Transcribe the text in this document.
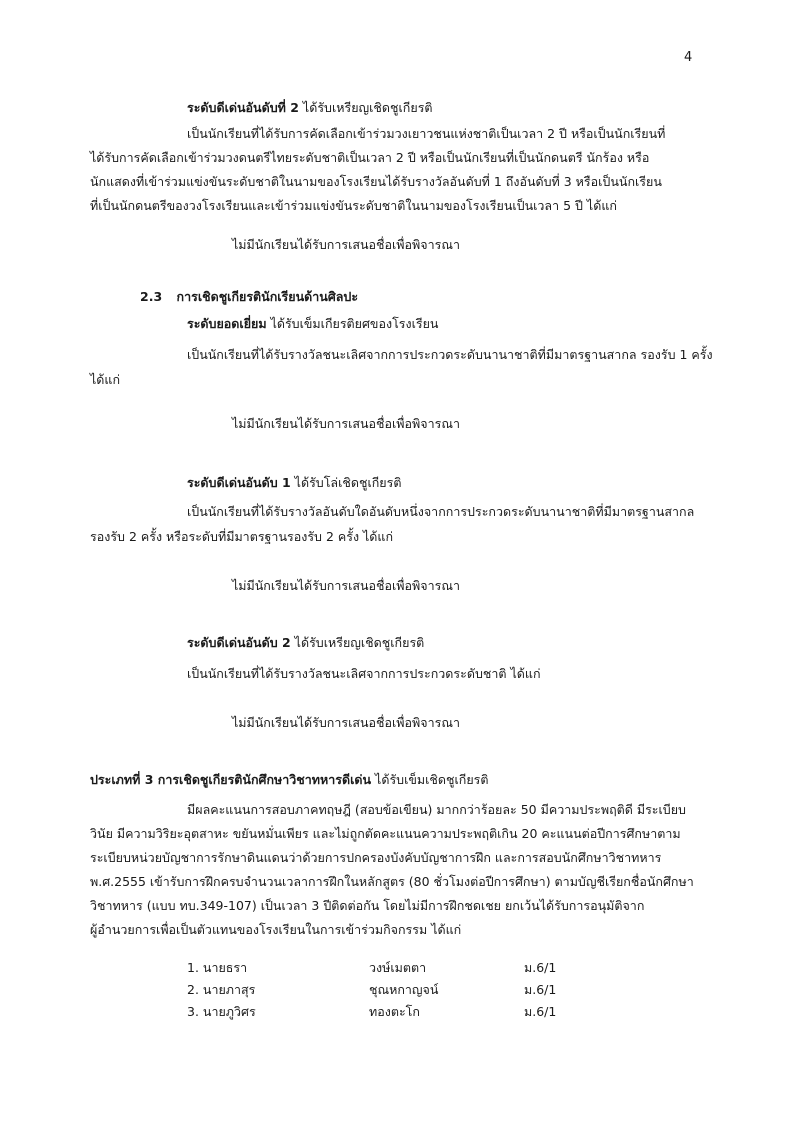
4
ระดับดีเด่นอันดับที่ 2 ได้รับเหรียญเชิดชูเกียรติ
เป็นนักเรียนที่ได้รับการคัดเลือกเข้าร่วมวงเยาวชนแห่งชาติเป็นเวลา 2 ปี หรือเป็นนักเรียนที่
ได้รับการคัดเลือกเข้าร่วมวงดนตรีไทยระดับชาติเป็นเวลา 2 ปี หรือเป็นนักเรียนที่เป็นนักดนตรี นักร้อง หรือ
นักแสดงที่เข้าร่วมแข่งขันระดับชาติในนามของโรงเรียนได้รับรางวัลอันดับที่ 1 ถึงอันดับที่ 3 หรือเป็นนักเรียน
ที่เป็นนักดนตรีของวงโรงเรียนและเข้าร่วมแข่งขันระดับชาติในนามของโรงเรียนเป็นเวลา 5 ปี ได้แก่
ไม่มีนักเรียนได้รับการเสนอชื่อเพื่อพิจารณา
2.3 การเชิดชูเกียรตินักเรียนด้านศิลปะ
ระดับยอดเยี่ยม ได้รับเข็มเกียรติยศของโรงเรียน
เป็นนักเรียนที่ได้รับรางวัลชนะเลิศจากการประกวดระดับนานาชาติที่มีมาตรฐานสากล รองรับ 1 ครั้ง
ได้แก่
ไม่มีนักเรียนได้รับการเสนอชื่อเพื่อพิจารณา
ระดับดีเด่นอันดับ 1 ได้รับโล่เชิดชูเกียรติ
เป็นนักเรียนที่ได้รับรางวัลอันดับใดอันดับหนึ่งจากการประกวดระดับนานาชาติที่มีมาตรฐานสากล
รองรับ 2 ครั้ง หรือระดับที่มีมาตรฐานรองรับ 2 ครั้ง ได้แก่
ไม่มีนักเรียนได้รับการเสนอชื่อเพื่อพิจารณา
ระดับดีเด่นอันดับ 2 ได้รับเหรียญเชิดชูเกียรติ
เป็นนักเรียนที่ได้รับรางวัลชนะเลิศจากการประกวดระดับชาติ ได้แก่
ไม่มีนักเรียนได้รับการเสนอชื่อเพื่อพิจารณา
ประเภทที่ 3 การเชิดชูเกียรตินักศึกษาวิชาทหารดีเด่น ได้รับเข็มเชิดชูเกียรติ
มีผลคะแนนการสอบภาคทฤษฎี (สอบข้อเขียน) มากกว่าร้อยละ 50 มีความประพฤติดี มีระเบียบ
วินัย มีความวิริยะอุตสาหะ ขยันหมั่นเพียร และไม่ถูกตัดคะแนนความประพฤติเกิน 20 คะแนนต่อปีการศึกษาตาม
ระเบียบหน่วยบัญชาการรักษาดินแดนว่าด้วยการปกครองบังคับบัญชาการฝึก และการสอบนักศึกษาวิชาทหาร
พ.ศ.2555 เข้ารับการฝึกครบจำนวนเวลาการฝึกในหลักสูตร (80 ชั่วโมงต่อปีการศึกษา) ตามบัญชีเรียกชื่อนักศึกษา
วิชาทหาร (แบบ ทบ.349-107) เป็นเวลา 3 ปีติดต่อกัน โดยไม่มีการฝึกชดเชย ยกเว้นได้รับการอนุมัติจาก
ผู้อำนวยการเพื่อเป็นตัวแทนของโรงเรียนในการเข้าร่วมกิจกรรม ได้แก่
1. นายธรา	วงษ์เมตตา	ม.6/1
2. นายภาสุร	ชุณหกาญจน์	ม.6/1
3. นายภูวิศร	ทองตะโก	ม.6/1
